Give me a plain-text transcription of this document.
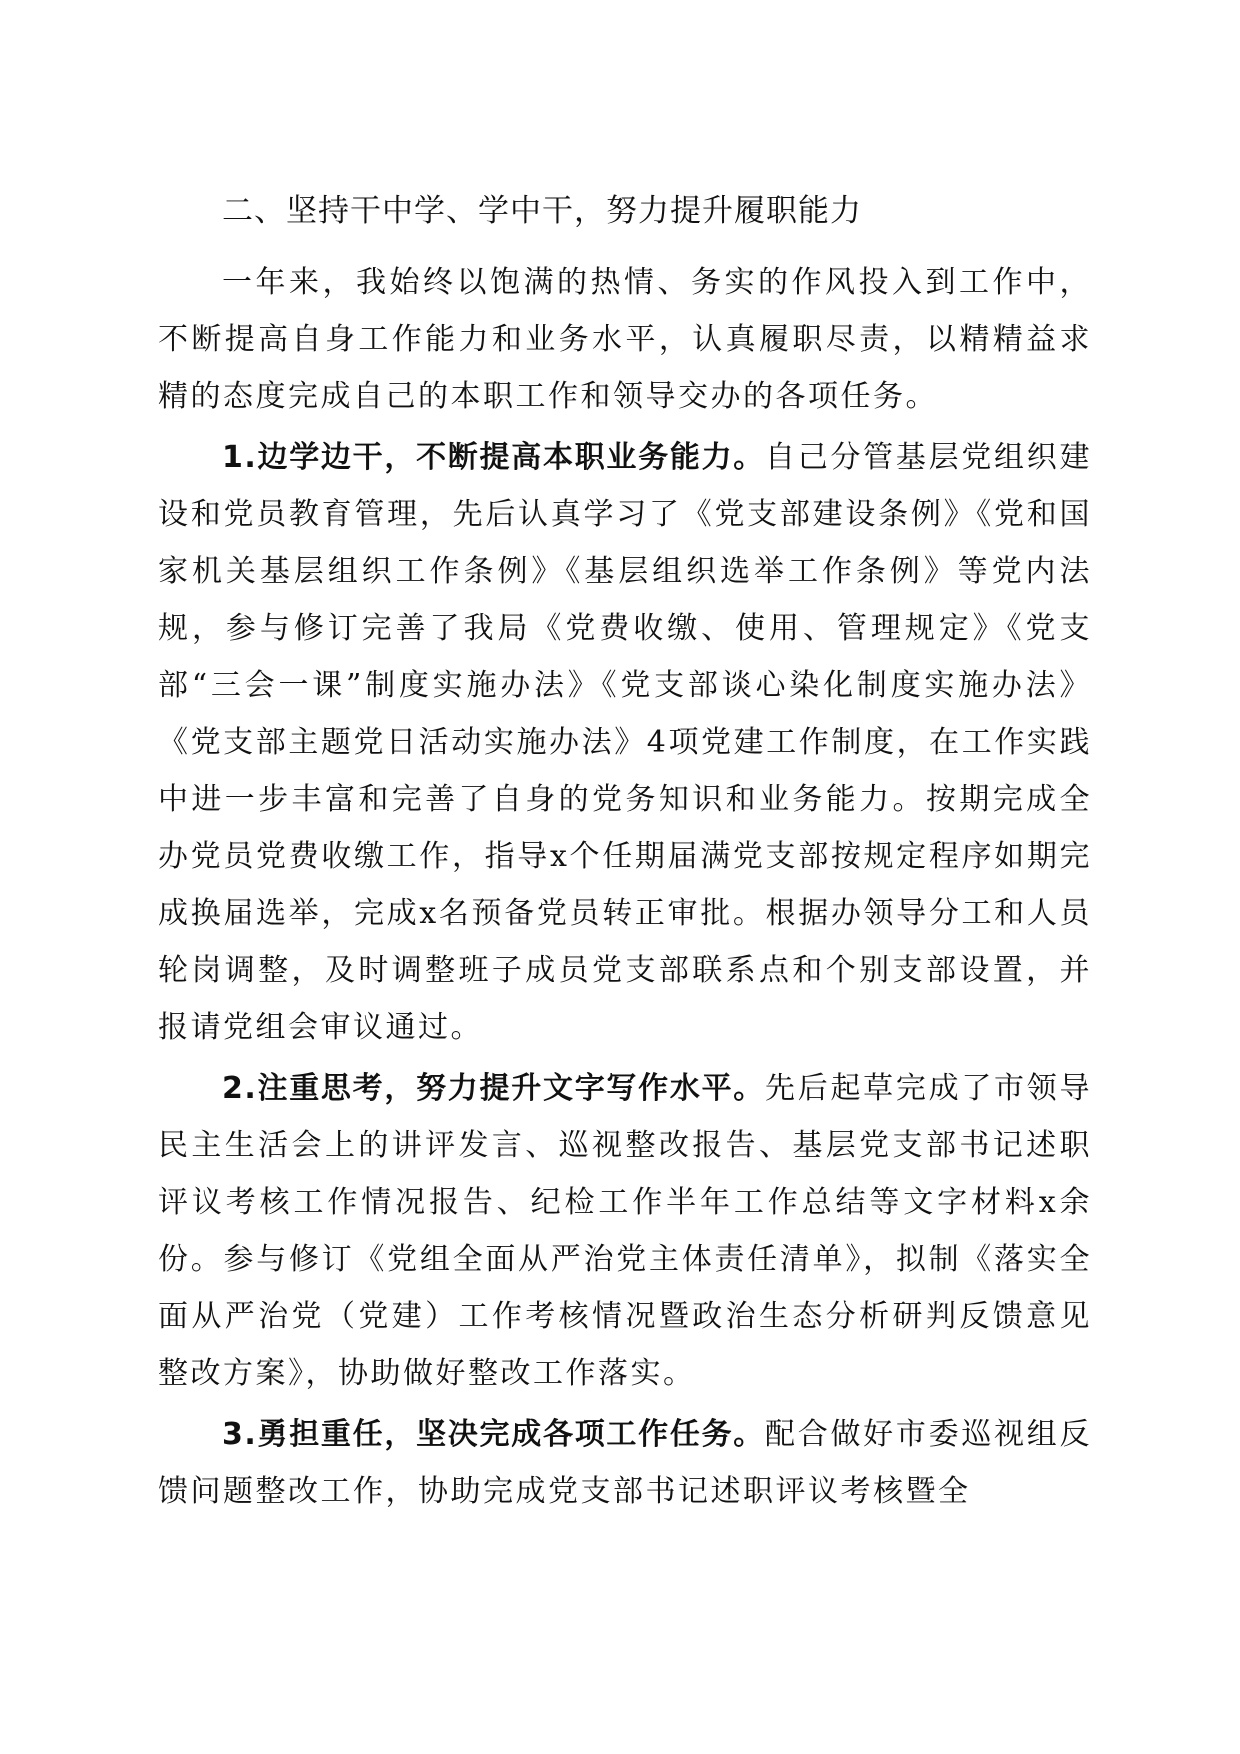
二、坚持干中学、学中干，努力提升履职能力

一年来，我始终以饱满的热情、务实的作风投入到工作中，不断提高自身工作能力和业务水平，认真履职尽责，以精精益求精的态度完成自己的本职工作和领导交办的各项任务。

1.边学边干，不断提高本职业务能力。自己分管基层党组织建设和党员教育管理，先后认真学习了《党支部建设条例》《党和国家机关基层组织工作条例》《基层组织选举工作条例》等党内法规，参与修订完善了我局《党费收缴、使用、管理规定》《党支部“三会一课”制度实施办法》《党支部谈心染化制度实施办法》《党支部主题党日活动实施办法》4项党建工作制度，在工作实践中进一步丰富和完善了自身的党务知识和业务能力。按期完成全办党员党费收缴工作，指导x个任期届满党支部按规定程序如期完成换届选举，完成x名预备党员转正审批。根据办领导分工和人员轮岗调整，及时调整班子成员党支部联系点和个别支部设置，并报请党组会审议通过。

2.注重思考，努力提升文字写作水平。先后起草完成了市领导民主生活会上的讲评发言、巡视整改报告、基层党支部书记述职评议考核工作情况报告、纪检工作半年工作总结等文字材料x余份。参与修订《党组全面从严治党主体责任清单》，拟制《落实全面从严治党（党建）工作考核情况暨政治生态分析研判反馈意见整改方案》，协助做好整改工作落实。

3.勇担重任，坚决完成各项工作任务。配合做好市委巡视组反馈问题整改工作，协助完成党支部书记述职评议考核暨全
